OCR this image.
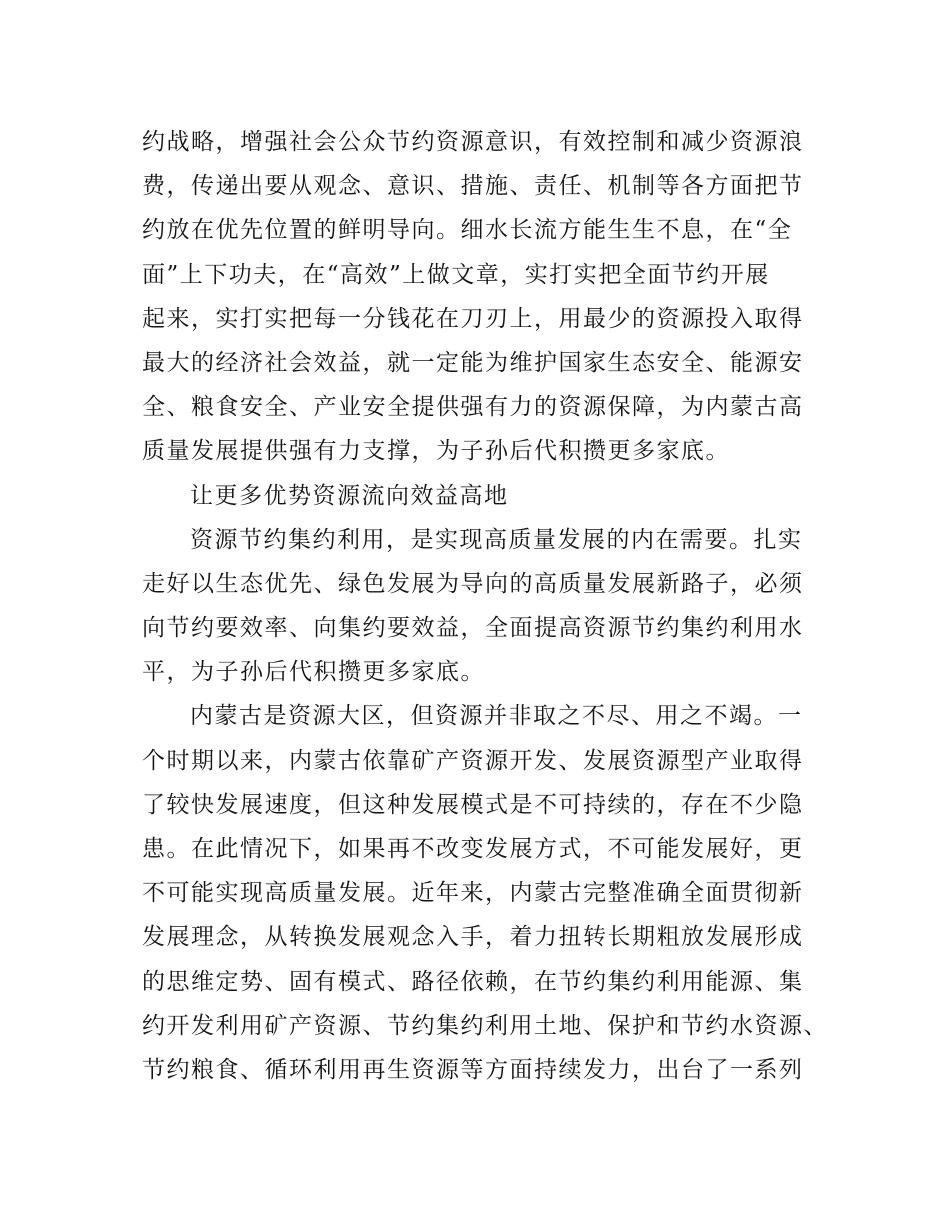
约战略，增强社会公众节约资源意识，有效控制和减少资源浪
费，传递出要从观念、意识、措施、责任、机制等各方面把节
约放在优先位置的鲜明导向。细水长流方能生生不息，在“全
面”上下功夫，在“高效”上做文章，实打实把全面节约开展
起来，实打实把每一分钱花在刀刃上，用最少的资源投入取得
最大的经济社会效益，就一定能为维护国家生态安全、能源安
全、粮食安全、产业安全提供强有力的资源保障，为内蒙古高
质量发展提供强有力支撑，为子孙后代积攒更多家底。
让更多优势资源流向效益高地
资源节约集约利用，是实现高质量发展的内在需要。扎实
走好以生态优先、绿色发展为导向的高质量发展新路子，必须
向节约要效率、向集约要效益，全面提高资源节约集约利用水
平，为子孙后代积攒更多家底。
内蒙古是资源大区，但资源并非取之不尽、用之不竭。一
个时期以来，内蒙古依靠矿产资源开发、发展资源型产业取得
了较快发展速度，但这种发展模式是不可持续的，存在不少隐
患。在此情况下，如果再不改变发展方式，不可能发展好，更
不可能实现高质量发展。近年来，内蒙古完整准确全面贯彻新
发展理念，从转换发展观念入手，着力扭转长期粗放发展形成
的思维定势、固有模式、路径依赖，在节约集约利用能源、集
约开发利用矿产资源、节约集约利用土地、保护和节约水资源、
节约粮食、循环利用再生资源等方面持续发力，出台了一系列
